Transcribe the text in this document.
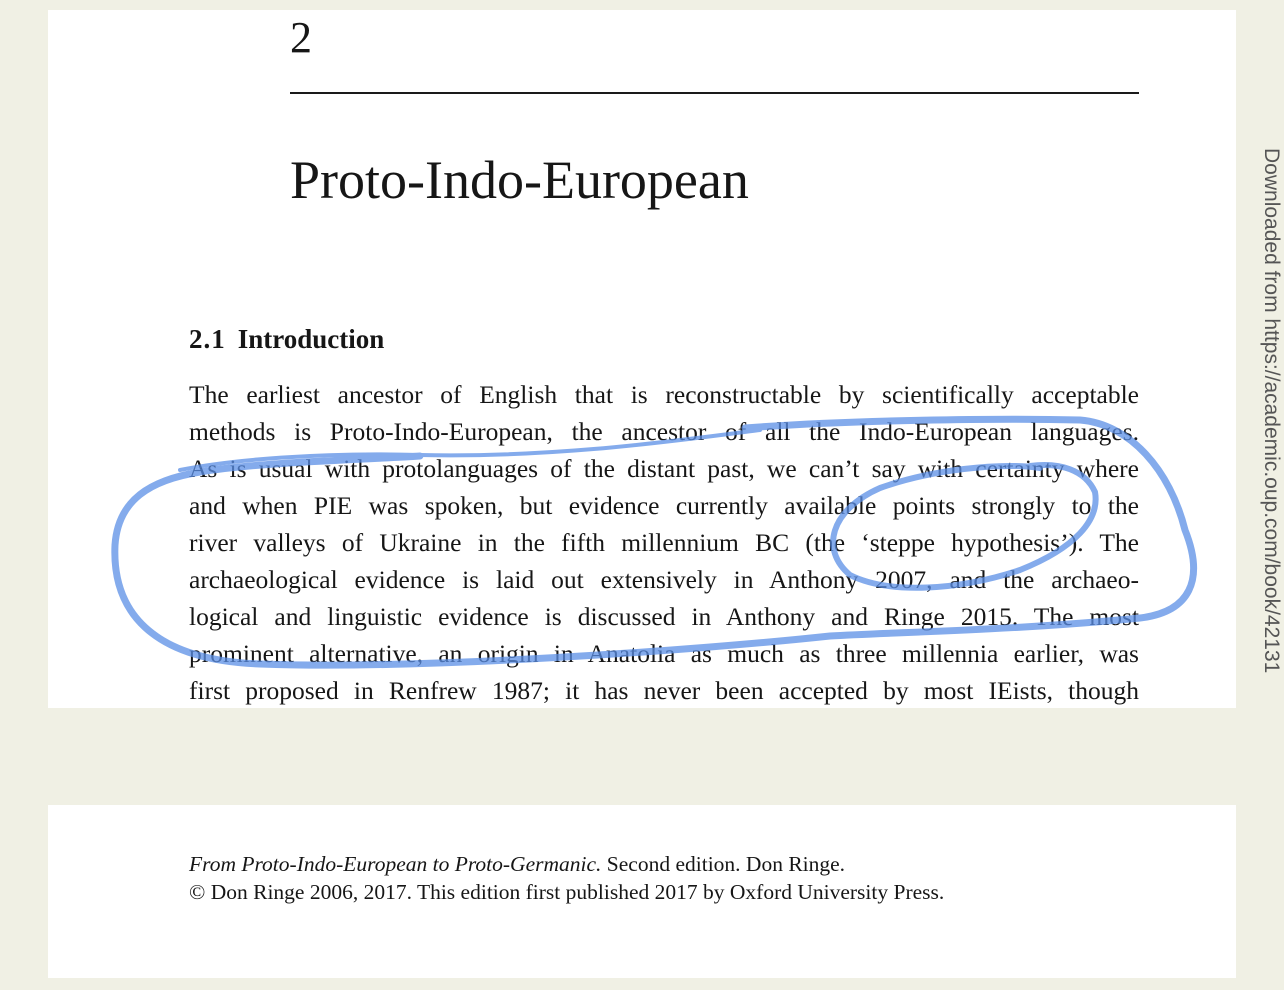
2
Proto-Indo-European
2.1 Introduction
The earliest ancestor of English that is reconstructable by scientifically acceptable
methods is Proto-Indo-European, the ancestor of all the Indo-European languages.
As is usual with protolanguages of the distant past, we can’t say with certainty where
and when PIE was spoken, but evidence currently available points strongly to the
river valleys of Ukraine in the fifth millennium BC (the ‘steppe hypothesis’). The
archaeological evidence is laid out extensively in Anthony 2007, and the archaeo-
logical and linguistic evidence is discussed in Anthony and Ringe 2015. The most
prominent alternative, an origin in Anatolia as much as three millennia earlier, was
first proposed in Renfrew 1987; it has never been accepted by most IEists, though
Downloaded from https://academic.oup.com/book/42131
From Proto-Indo-European to Proto-Germanic. Second edition. Don Ringe.
© Don Ringe 2006, 2017. This edition first published 2017 by Oxford University Press.
